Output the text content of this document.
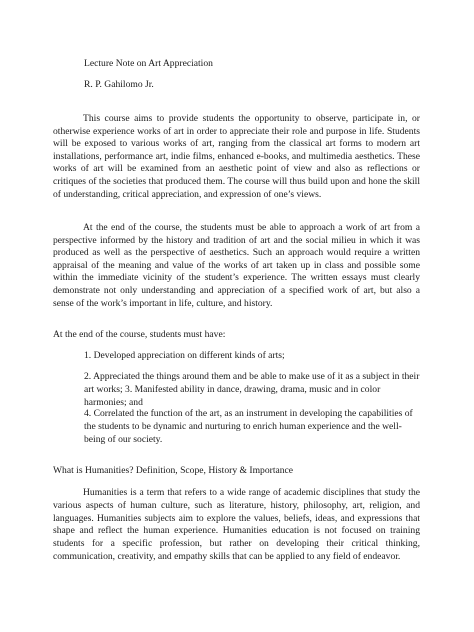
Lecture Note on Art Appreciation
R. P. Gahilomo Jr.

This course aims to provide students the opportunity to observe, participate in, or otherwise experience works of art in order to appreciate their role and purpose in life. Students will be exposed to various works of art, ranging from the classical art forms to modern art installations, performance art, indie films, enhanced e-books, and multimedia aesthetics. These works of art will be examined from an aesthetic point of view and also as reflections or critiques of the societies that produced them. The course will thus build upon and hone the skill of understanding, critical appreciation, and expression of one’s views.

At the end of the course, the students must be able to approach a work of art from a perspective informed by the history and tradition of art and the social milieu in which it was produced as well as the perspective of aesthetics. Such an approach would require a written appraisal of the meaning and value of the works of art taken up in class and possible some within the immediate vicinity of the student’s experience. The written essays must clearly demonstrate not only understanding and appreciation of a specified work of art, but also a sense of the work’s important in life, culture, and history.

At the end of the course, students must have:

1. Developed appreciation on different kinds of arts;

2. Appreciated the things around them and be able to make use of it as a subject in their art works; 3. Manifested ability in dance, drawing, drama, music and in color harmonies; and

4. Correlated the function of the art, as an instrument in developing the capabilities of the students to be dynamic and nurturing to enrich human experience and the well-being of our society.

What is Humanities? Definition, Scope, History & Importance

Humanities is a term that refers to a wide range of academic disciplines that study the various aspects of human culture, such as literature, history, philosophy, art, religion, and languages. Humanities subjects aim to explore the values, beliefs, ideas, and expressions that shape and reflect the human experience. Humanities education is not focused on training students for a specific profession, but rather on developing their critical thinking, communication, creativity, and empathy skills that can be applied to any field of endeavor.
